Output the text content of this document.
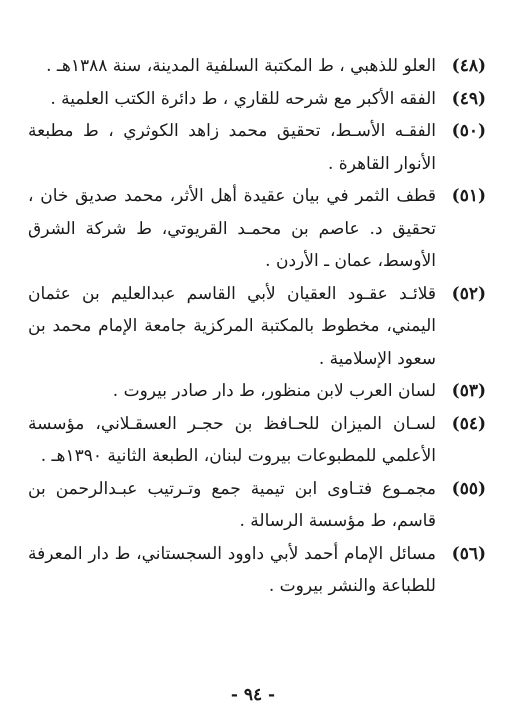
(٤٨)
العلو للذهبي ، ط المكتبة السلفية المدينة، سنة ١٣٨٨هـ .
(٤٩)
الفقه الأكبر مع شرحه للقاري ، ط دائرة الكتب العلمية .
(٥٠)
الفقـه الأسـط، تحقيق محمد زاهد الكوثري ، ط مطبعة الأنوار القاهرة .
(٥١)
قطف الثمر في بيان عقيدة أهل الأثر، محمد صديق خان ، تحقيق د. عاصم بن محمـد القريوتي، ط شركة الشرق الأوسط، عمان ـ الأردن .
(٥٢)
قلائـد عقـود العقيان لأبي القاسم عبدالعليم بن عثمان اليمني، مخطوط بالمكتبة المركزية جامعة الإمام محمد بن سعود الإسلامية .
(٥٣)
لسان العرب لابن منظور، ط دار صادر بيروت .
(٥٤)
لسـان الميزان للحـافظ بن حجـر العسقـلاني، مؤسسة الأعلمي للمطبوعات بيروت لبنان، الطبعة الثانية ١٣٩٠هـ .
(٥٥)
مجمـوع فتـاوى ابن تيمية جمع وتـرتيب عبـدالرحمن بن قاسم، ط مؤسسة الرسالة .
(٥٦)
مسائل الإمام أحمد لأبي داوود السجستاني، ط دار المعرفة للطباعة والنشر بيروت .
- ٩٤ -
